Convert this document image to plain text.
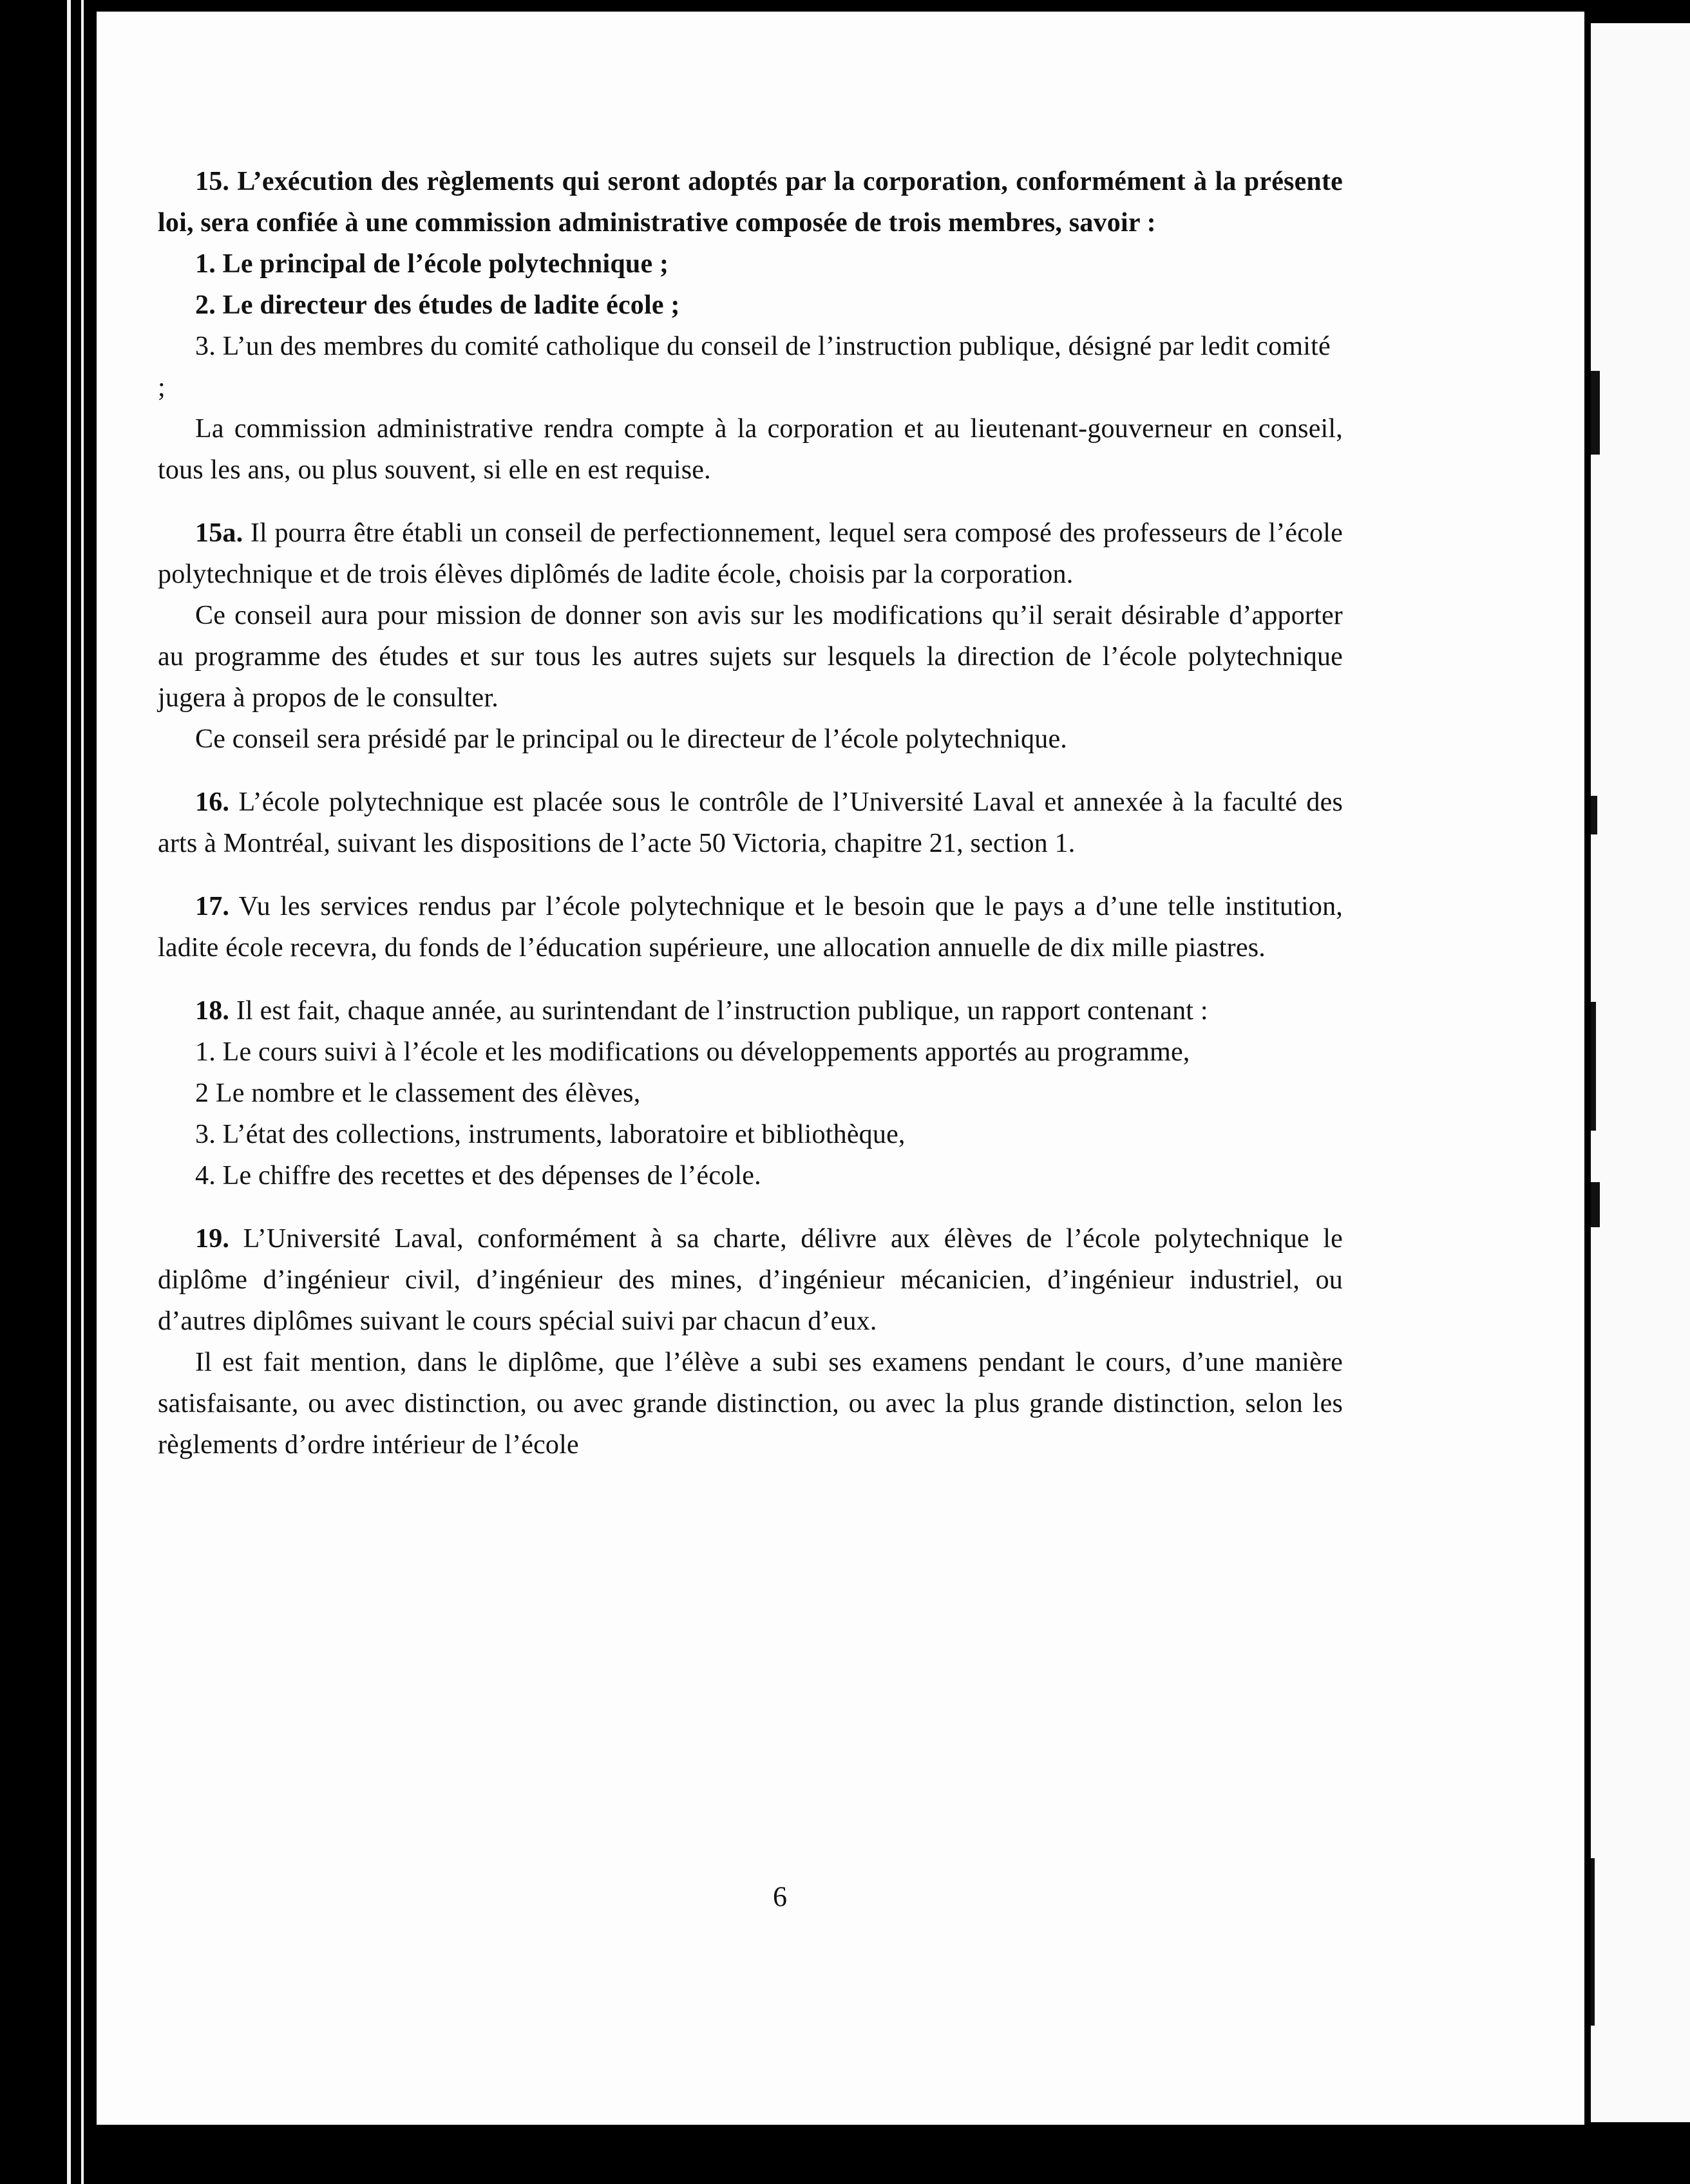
15. L’exécution des règlements qui seront adoptés par la corporation, conformément à la présente loi, sera confiée à une commission administrative composée de trois membres, savoir :

1. Le principal de l’école polytechnique ;

2. Le directeur des études de ladite école ;

3. L’un des membres du comité catholique du conseil de l’instruction publique, désigné par ledit comité ;

La commission administrative rendra compte à la corporation et au lieutenant-gouverneur en conseil, tous les ans, ou plus souvent, si elle en est requise.

15a. Il pourra être établi un conseil de perfectionnement, lequel sera composé des professeurs de l’école polytechnique et de trois élèves diplômés de ladite école, choisis par la corporation.

Ce conseil aura pour mission de donner son avis sur les modifications qu’il serait désirable d’apporter au programme des études et sur tous les autres sujets sur lesquels la direction de l’école polytechnique jugera à propos de le consulter.

Ce conseil sera présidé par le principal ou le directeur de l’école polytechnique.

16. L’école polytechnique est placée sous le contrôle de l’Université Laval et annexée à la faculté des arts à Montréal, suivant les dispositions de l’acte 50 Victoria, chapitre 21, section 1.

17. Vu les services rendus par l’école polytechnique et le besoin que le pays a d’une telle institution, ladite école recevra, du fonds de l’éducation supérieure, une allocation annuelle de dix mille piastres.

18. Il est fait, chaque année, au surintendant de l’instruction publique, un rapport contenant :

1. Le cours suivi à l’école et les modifications ou développements apportés au programme,

2 Le nombre et le classement des élèves,

3. L’état des collections, instruments, laboratoire et bibliothèque,

4. Le chiffre des recettes et des dépenses de l’école.

19. L’Université Laval, conformément à sa charte, délivre aux élèves de l’école polytechnique le diplôme d’ingénieur civil, d’ingénieur des mines, d’ingénieur mécanicien, d’ingénieur industriel, ou d’autres diplômes suivant le cours spécial suivi par chacun d’eux.

Il est fait mention, dans le diplôme, que l’élève a subi ses examens pendant le cours, d’une manière satisfaisante, ou avec distinction, ou avec grande distinction, ou avec la plus grande distinction, selon les règlements d’ordre intérieur de l’école

6
